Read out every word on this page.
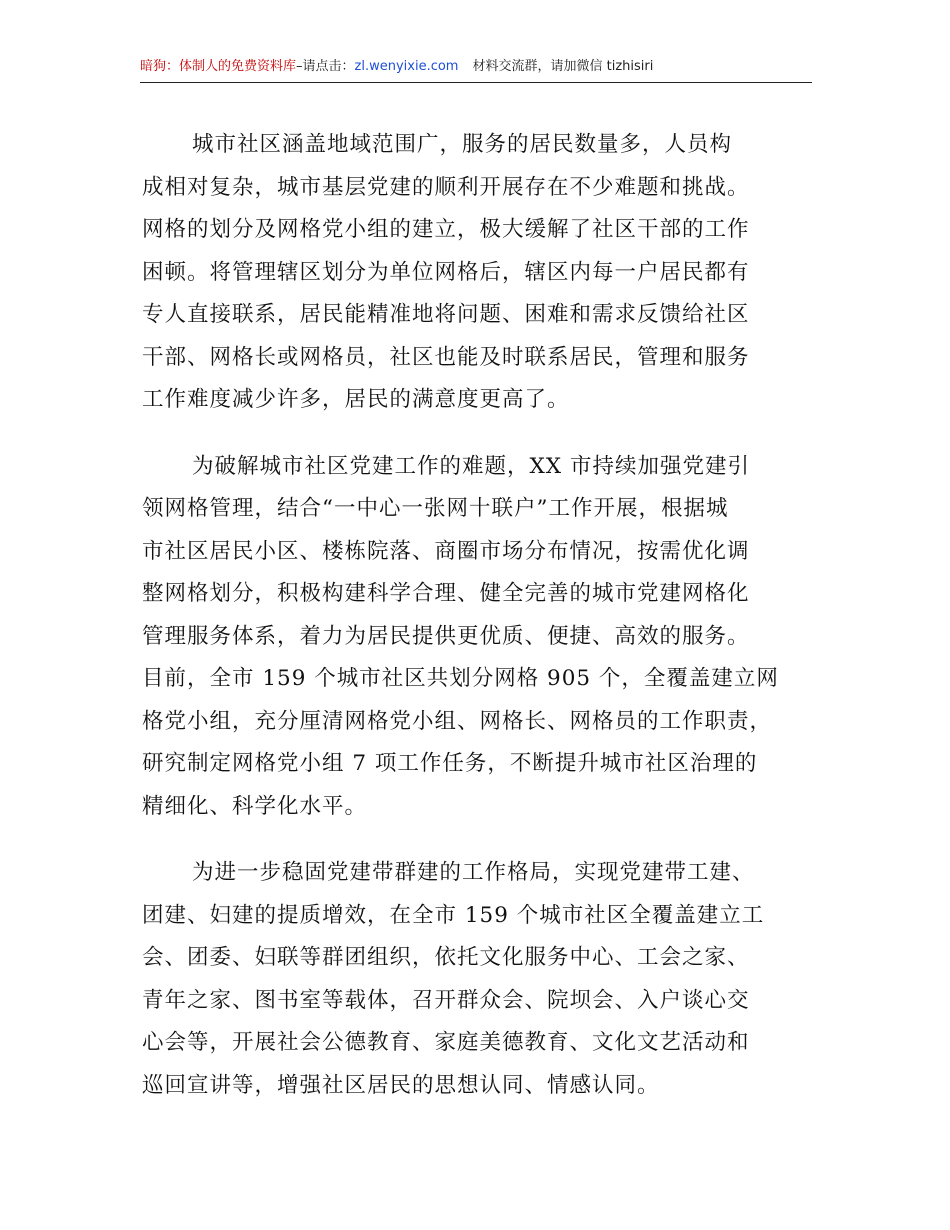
暗狗：体制人的免费资料库–请点击：zl.wenyixie.com 材料交流群，请加微信 tizhisiri
城市社区涵盖地域范围广，服务的居民数量多，人员构
成相对复杂，城市基层党建的顺利开展存在不少难题和挑战。
网格的划分及网格党小组的建立，极大缓解了社区干部的工作
困顿。将管理辖区划分为单位网格后，辖区内每一户居民都有
专人直接联系，居民能精准地将问题、困难和需求反馈给社区
干部、网格长或网格员，社区也能及时联系居民，管理和服务
工作难度减少许多，居民的满意度更高了。
为破解城市社区党建工作的难题，XX 市持续加强党建引
领网格管理，结合“一中心一张网十联户”工作开展，根据城
市社区居民小区、楼栋院落、商圈市场分布情况，按需优化调
整网格划分，积极构建科学合理、健全完善的城市党建网格化
管理服务体系，着力为居民提供更优质、便捷、高效的服务。
目前，全市 159 个城市社区共划分网格 905 个，全覆盖建立网
格党小组，充分厘清网格党小组、网格长、网格员的工作职责，
研究制定网格党小组 7 项工作任务，不断提升城市社区治理的
精细化、科学化水平。
为进一步稳固党建带群建的工作格局，实现党建带工建、
团建、妇建的提质增效，在全市 159 个城市社区全覆盖建立工
会、团委、妇联等群团组织，依托文化服务中心、工会之家、
青年之家、图书室等载体，召开群众会、院坝会、入户谈心交
心会等，开展社会公德教育、家庭美德教育、文化文艺活动和
巡回宣讲等，增强社区居民的思想认同、情感认同。
